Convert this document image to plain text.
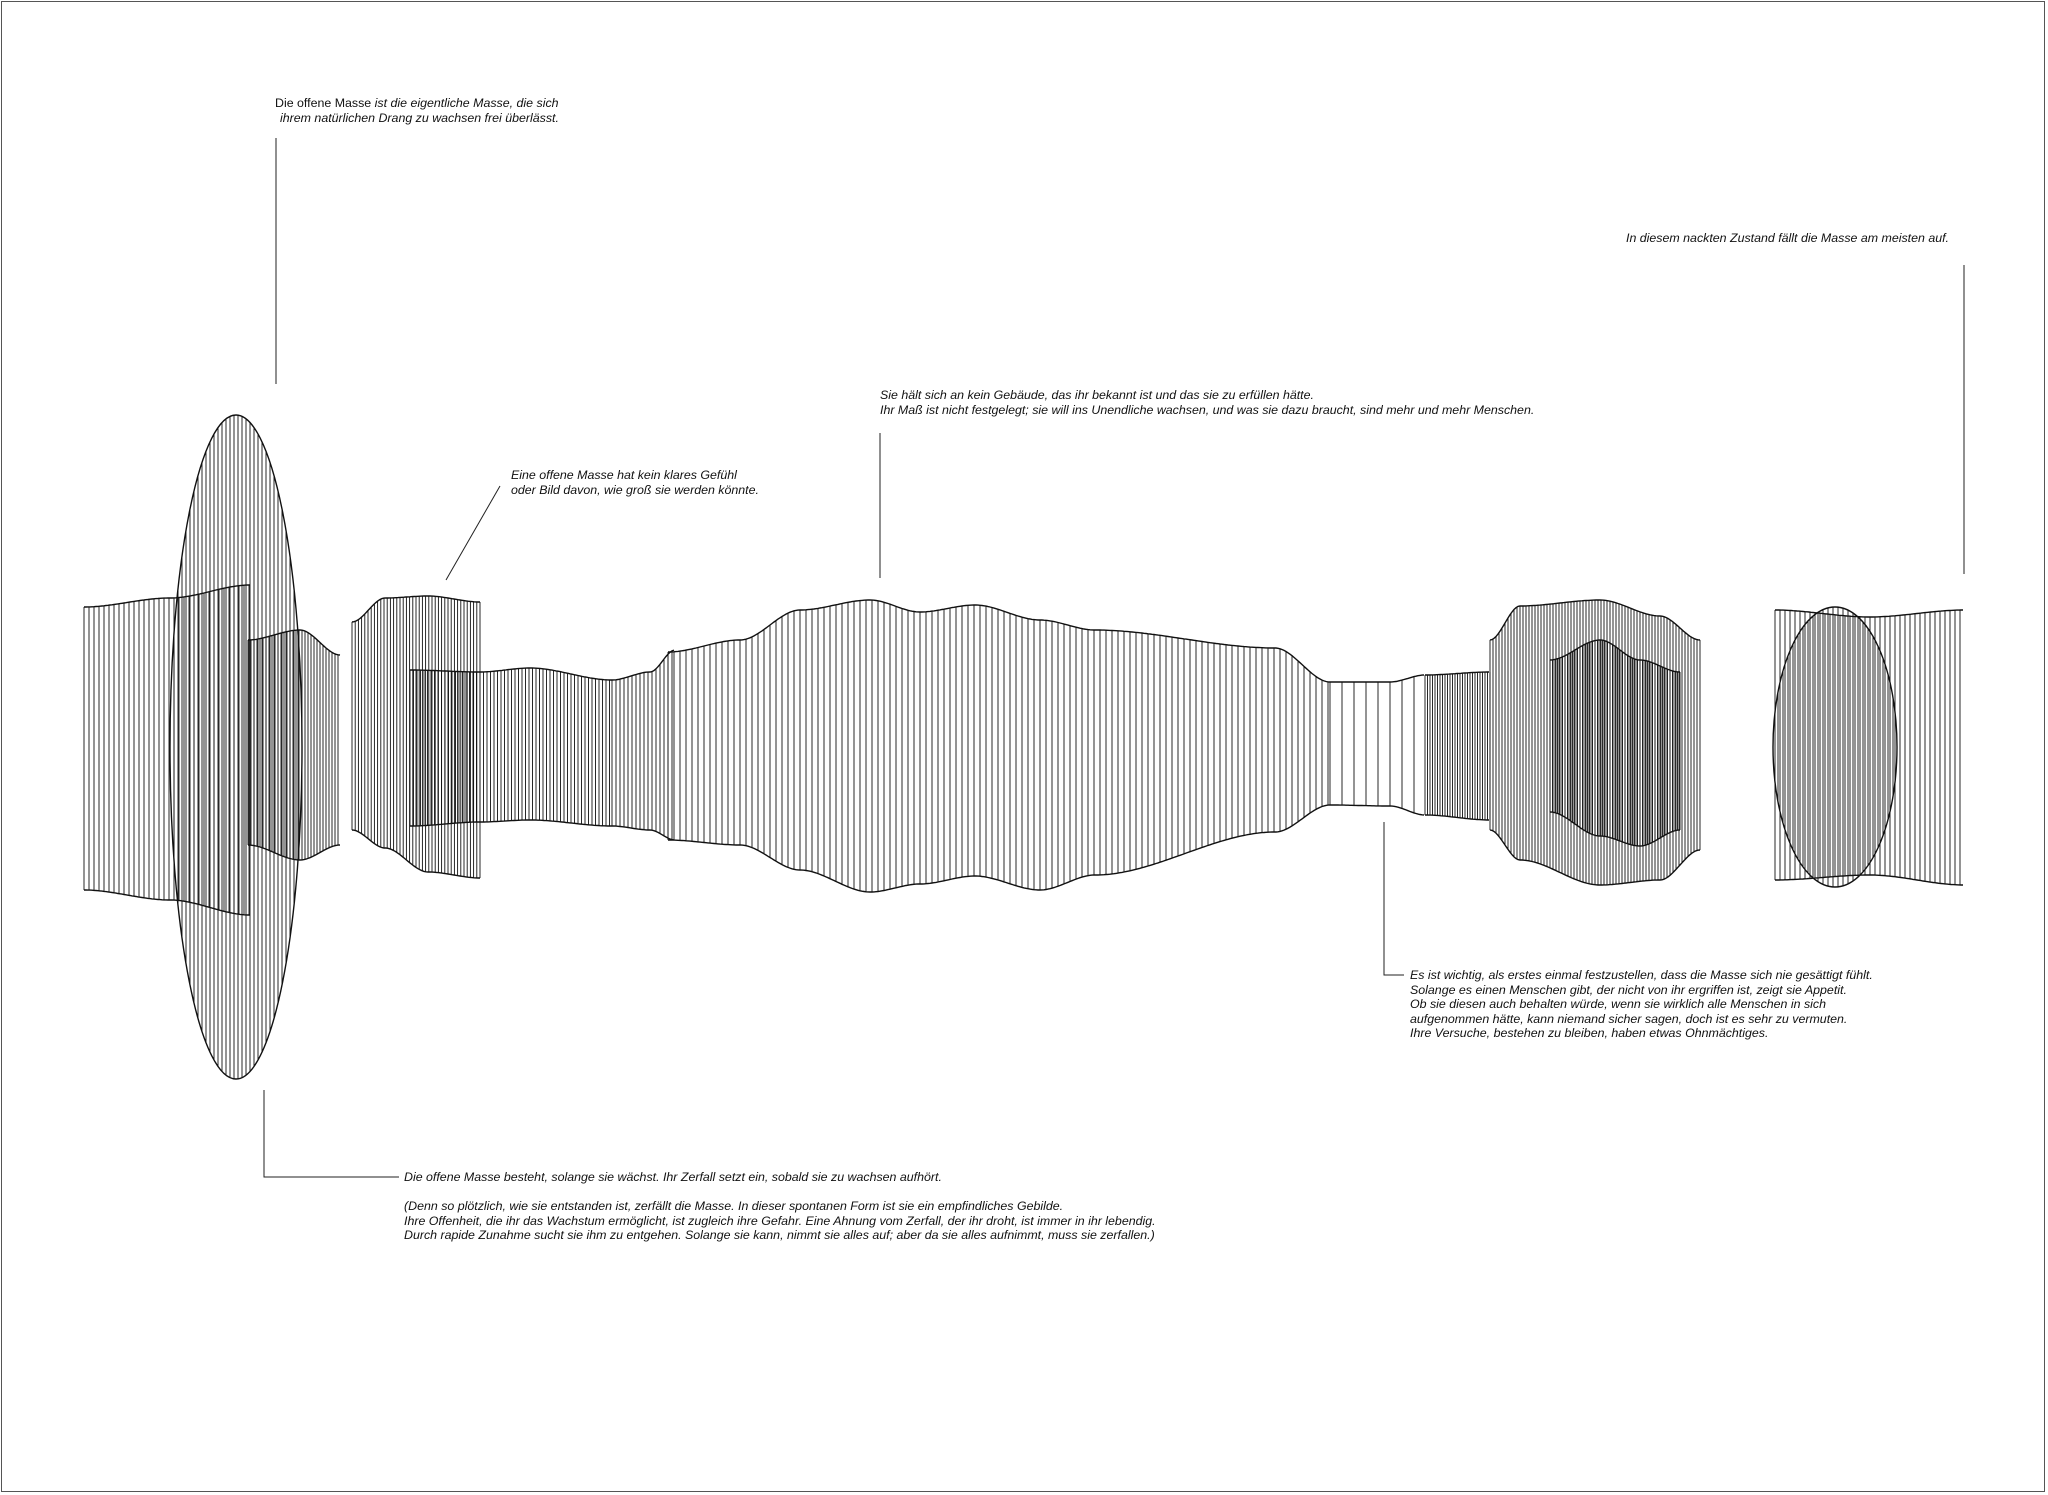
Die offene Masse ist die eigentliche Masse, die sich
ihrem natürlichen Drang zu wachsen frei überlässt.
In diesem nackten Zustand fällt die Masse am meisten auf.
Sie hält sich an kein Gebäude, das ihr bekannt ist und das sie zu erfüllen hätte.
Ihr Maß ist nicht festgelegt; sie will ins Unendliche wachsen, und was sie dazu braucht, sind mehr und mehr Menschen.
Eine offene Masse hat kein klares Gefühl
oder Bild davon, wie groß sie werden könnte.
Es ist wichtig, als erstes einmal festzustellen, dass die Masse sich nie gesättigt fühlt.
Solange es einen Menschen gibt, der nicht von ihr ergriffen ist, zeigt sie Appetit.
Ob sie diesen auch behalten würde, wenn sie wirklich alle Menschen in sich
aufgenommen hätte, kann niemand sicher sagen, doch ist es sehr zu vermuten.
Ihre Versuche, bestehen zu bleiben, haben etwas Ohnmächtiges.
Die offene Masse besteht, solange sie wächst. Ihr Zerfall setzt ein, sobald sie zu wachsen aufhört.
(Denn so plötzlich, wie sie entstanden ist, zerfällt die Masse. In dieser spontanen Form ist sie ein empfindliches Gebilde.
Ihre Offenheit, die ihr das Wachstum ermöglicht, ist zugleich ihre Gefahr. Eine Ahnung vom Zerfall, der ihr droht, ist immer in ihr lebendig.
Durch rapide Zunahme sucht sie ihm zu entgehen. Solange sie kann, nimmt sie alles auf; aber da sie alles aufnimmt, muss sie zerfallen.)
